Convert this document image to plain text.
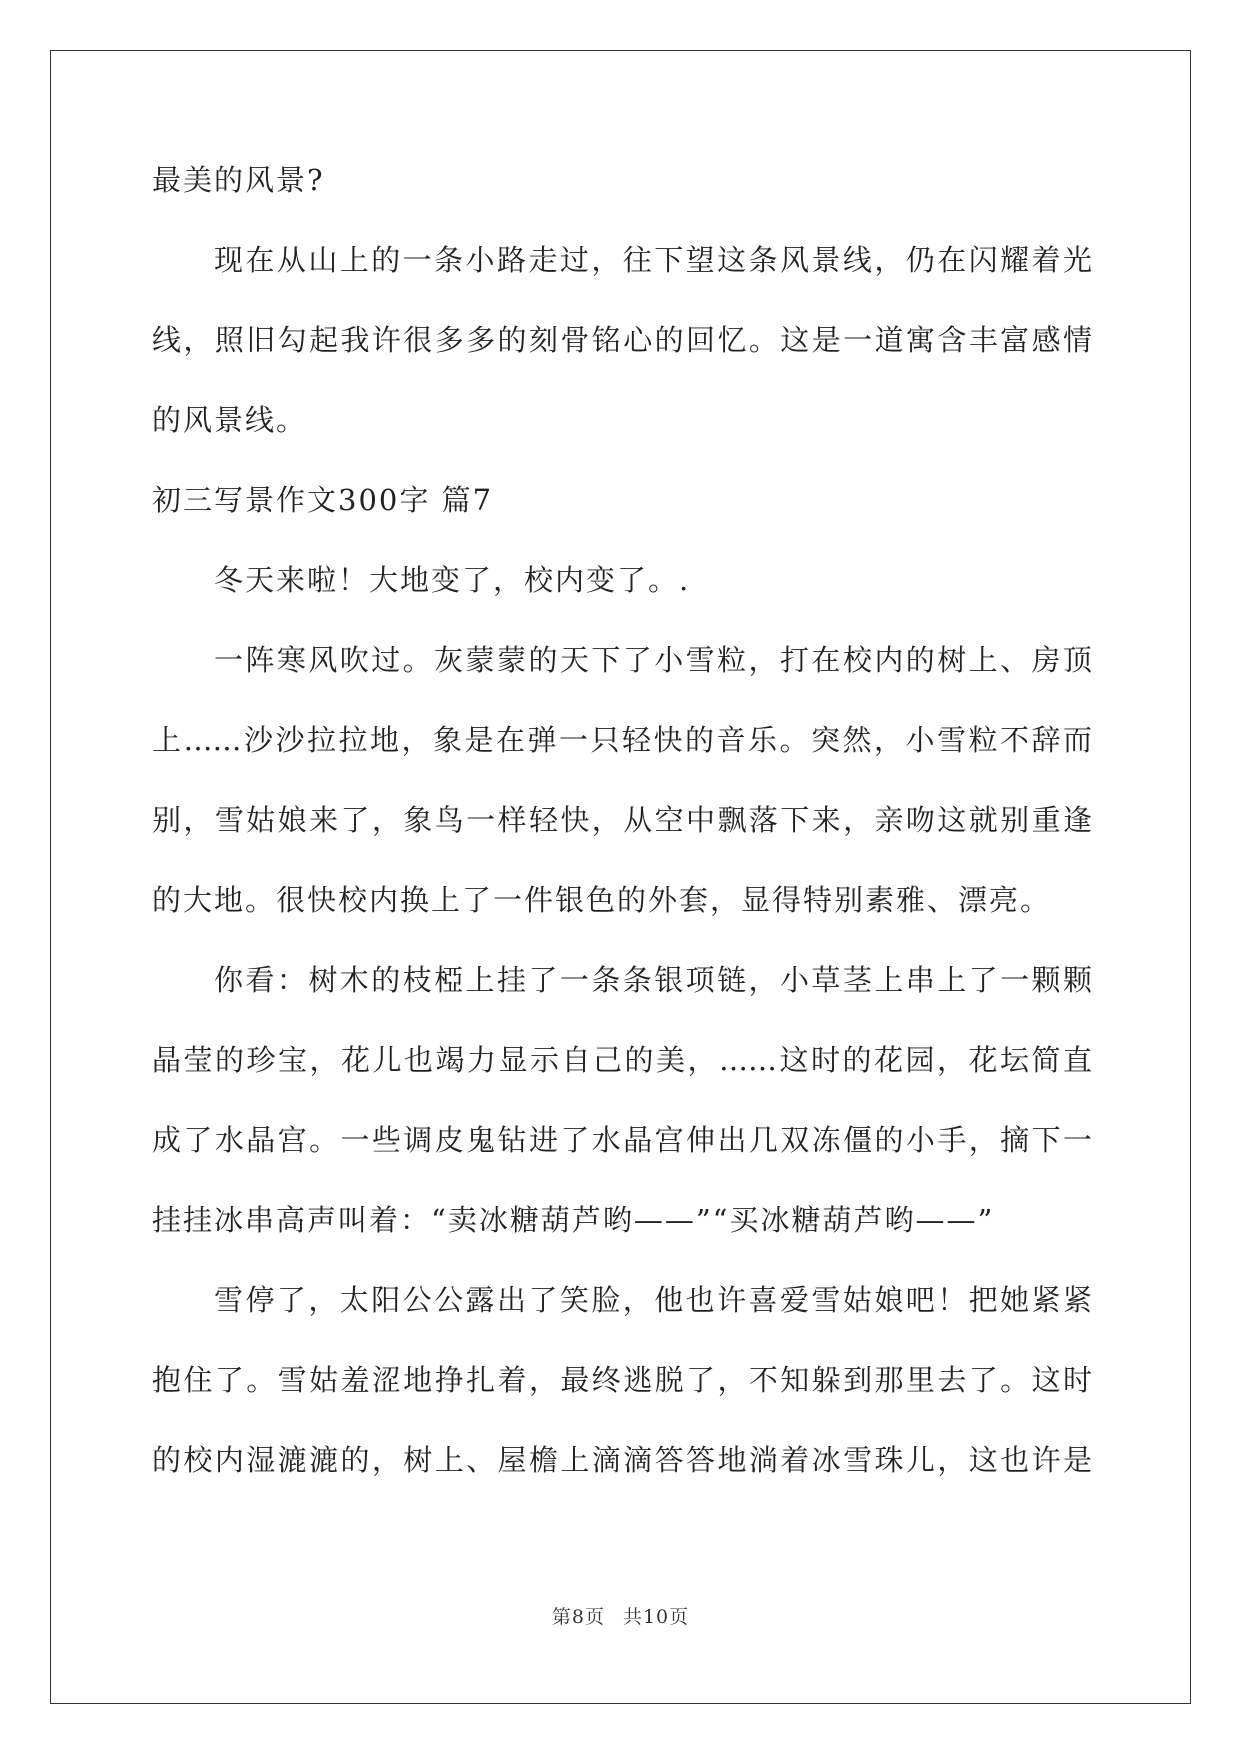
最美的风景?
现在从山上的一条小路走过，往下望这条风景线，仍在闪耀着光
线，照旧勾起我许很多多的刻骨铭心的回忆。这是一道寓含丰富感情
的风景线。
初三写景作文300字 篇7
冬天来啦！大地变了，校内变了。.
一阵寒风吹过。灰蒙蒙的天下了小雪粒，打在校内的树上、房顶
上……沙沙拉拉地，象是在弹一只轻快的音乐。突然，小雪粒不辞而
别，雪姑娘来了，象鸟一样轻快，从空中飘落下来，亲吻这就别重逢
的大地。很快校内换上了一件银色的外套，显得特别素雅、漂亮。
你看：树木的枝椏上挂了一条条银项链，小草茎上串上了一颗颗
晶莹的珍宝，花儿也竭力显示自己的美，……这时的花园，花坛简直
成了水晶宫。一些调皮鬼钻进了水晶宫伸出几双冻僵的小手，摘下一
挂挂冰串高声叫着：“卖冰糖葫芦哟——”“买冰糖葫芦哟——”
雪停了，太阳公公露出了笑脸，他也许喜爱雪姑娘吧！把她紧紧
抱住了。雪姑羞涩地挣扎着，最终逃脱了，不知躲到那里去了。这时
的校内湿漉漉的，树上、屋檐上滴滴答答地淌着冰雪珠儿，这也许是
第8页 共10页
